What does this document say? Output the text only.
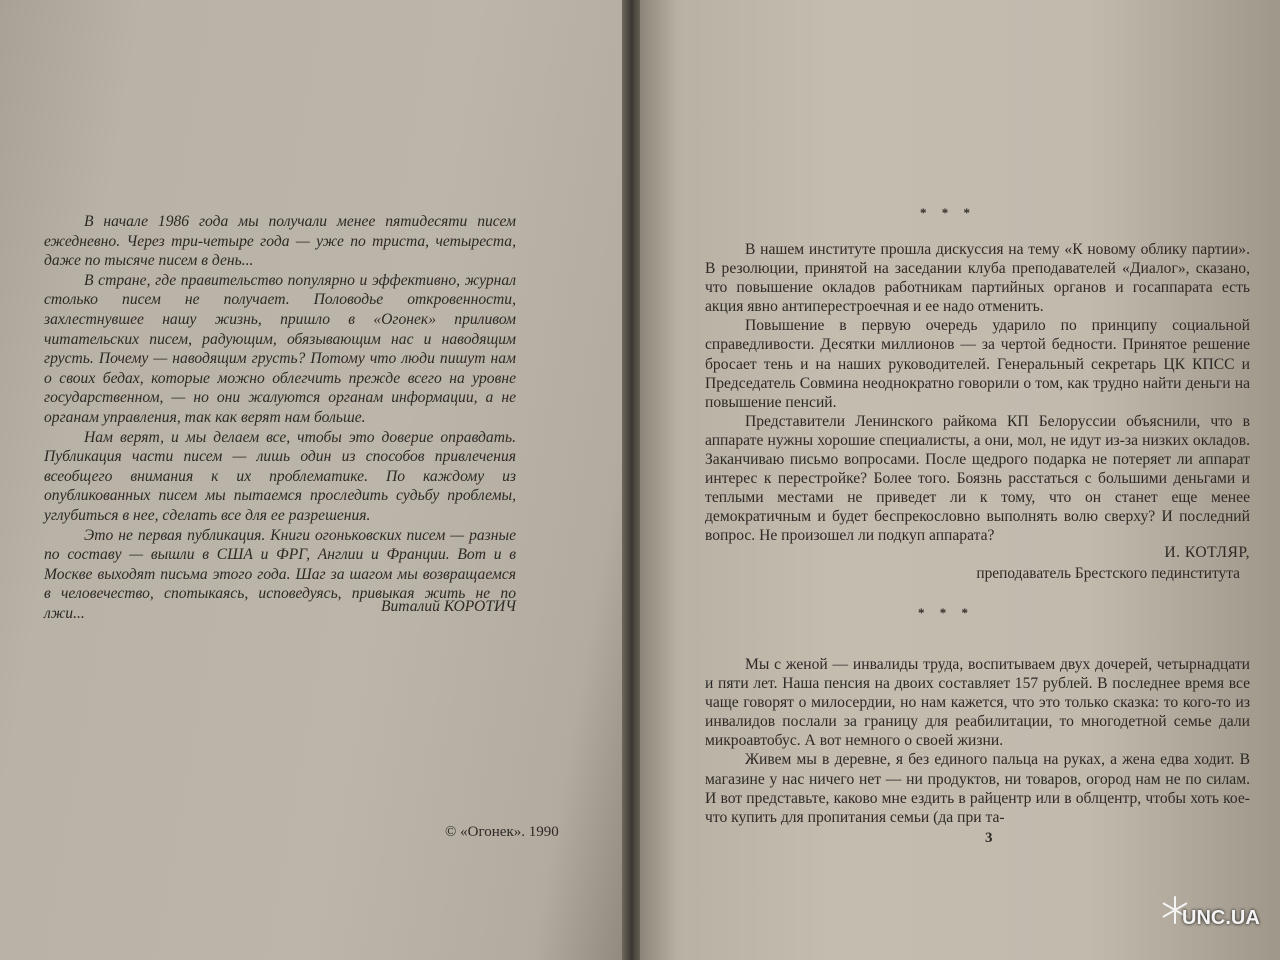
В начале 1986 года мы получали менее пятидесяти писем ежедневно. Через три-четыре года — уже по триста, четыреста, даже по тысяче писем в день...

В стране, где правительство популярно и эффективно, журнал столько писем не получает. Половодье откровенности, захлестнувшее нашу жизнь, пришло в «Огонек» приливом читательских писем, радующим, обязывающим нас и наводящим грусть. Почему — наводящим грусть? Потому что люди пишут нам о своих бедах, которые можно облегчить прежде всего на уровне государственном, — но они жалуются органам информации, а не органам управления, так как верят нам больше.

Нам верят, и мы делаем все, чтобы это доверие оправдать. Публикация части писем — лишь один из способов привлечения всеобщего внимания к их проблематике. По каждому из опубликованных писем мы пытаемся проследить судьбу проблемы, углубиться в нее, сделать все для ее разрешения.

Это не первая публикация. Книги огоньковских писем — разные по составу — вышли в США и ФРГ, Англии и Франции. Вот и в Москве выходят письма этого года. Шаг за шагом мы возвращаемся в человечество, спотыкаясь, исповедуясь, привыкая жить не по лжи...	Виталий КОРОТИЧ
© «Огонек». 1990
* * *

В нашем институте прошла дискуссия на тему «К новому облику партии». В резолюции, принятой на заседании клуба преподавателей «Диалог», сказано, что повышение окладов работникам партийных органов и госаппарата есть акция явно антиперестроечная и ее надо отменить.

Повышение в первую очередь ударило по принципу социальной справедливости. Десятки миллионов — за чертой бедности. Принятое решение бросает тень и на наших руководителей. Генеральный секретарь ЦК КПСС и Председатель Совмина неоднократно говорили о том, как трудно найти деньги на повышение пенсий.

Представители Ленинского райкома КП Белоруссии объяснили, что в аппарате нужны хорошие специалисты, а они, мол, не идут из-за низких окладов. Заканчиваю письмо вопросами. После щедрого подарка не потеряет ли аппарат интерес к перестройке? Более того. Боязнь расстаться с большими деньгами и теплыми местами не приведет ли к тому, что он станет еще менее демократичным и будет беспрекословно выполнять волю сверху? И последний вопрос. Не произошел ли подкуп аппарата?

И. КОТЛЯР,
преподаватель Брестского пединститута
* * *

Мы с женой — инвалиды труда, воспитываем двух дочерей, четырнадцати и пяти лет. Наша пенсия на двоих составляет 157 рублей. В последнее время все чаще говорят о милосердии, но нам кажется, что это только сказка: то кого-то из инвалидов послали за границу для реабилитации, то многодетной семье дали микроавтобус. А вот немного о своей жизни.

Живем мы в деревне, я без единого пальца на руках, а жена едва ходит. В магазине у нас ничего нет — ни продуктов, ни товаров, огород нам не по силам. И вот представьте, каково мне ездить в райцентр или в облцентр, чтобы хоть кое-что купить для пропитания семьи (да при та-

3
UNC.UA
